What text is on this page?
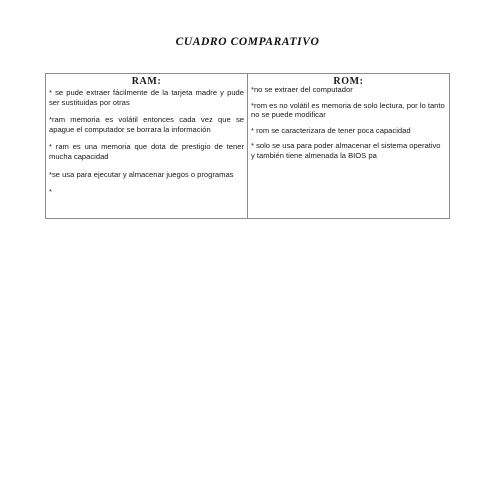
CUADRO COMPARATIVO
RAM:

* se pude extraer fácilmente de la tarjeta madre y pude ser sustituidas por otras

*ram memoria es volátil entonces cada vez que se apague el computador se borrara la información

* ram es una memoria que dota de prestigio de tener mucha capacidad

*se usa para ejecutar y almacenar juegos o programas

*

ROM:

*no se extraer del computador

*rom es no volátil es memoria de solo lectura, por lo tanto no se puede modificar

* rom se caracterizara de tener poca capacidad

* solo se usa para poder almacenar el sistema operativo y también tiene almenada la BIOS pa
